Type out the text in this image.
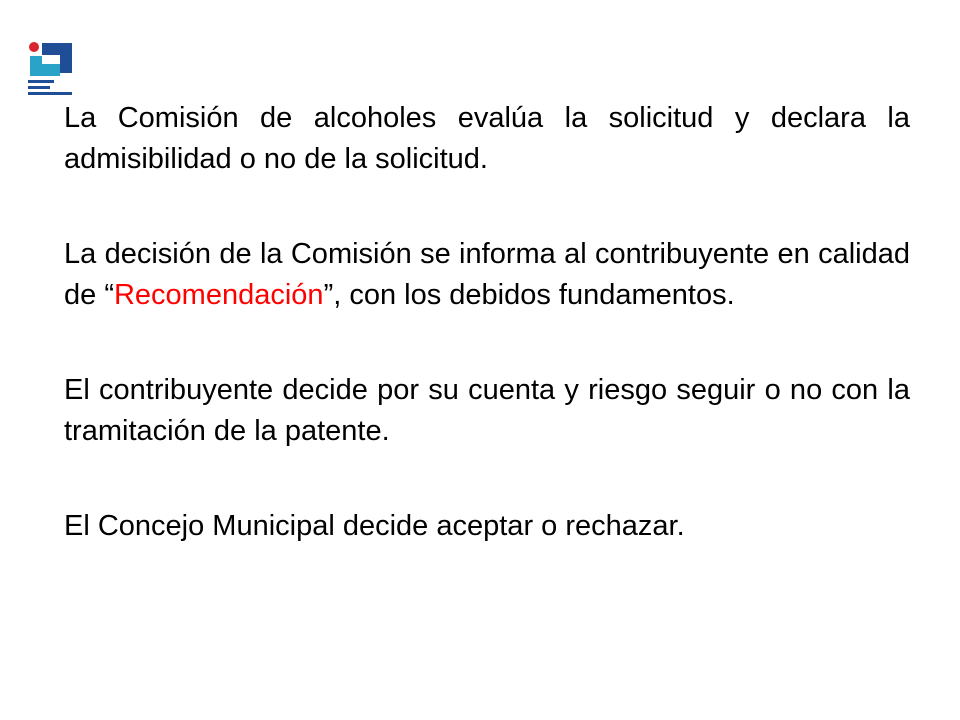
La Comisión de alcoholes evalúa la solicitud y declara la admisibilidad o no de la solicitud.

La decisión de la Comisión se informa al contribuyente en calidad de “Recomendación”, con los debidos fundamentos.

El contribuyente decide por su cuenta y riesgo seguir o no con la tramitación de la patente.

El Concejo Municipal decide aceptar o rechazar.
